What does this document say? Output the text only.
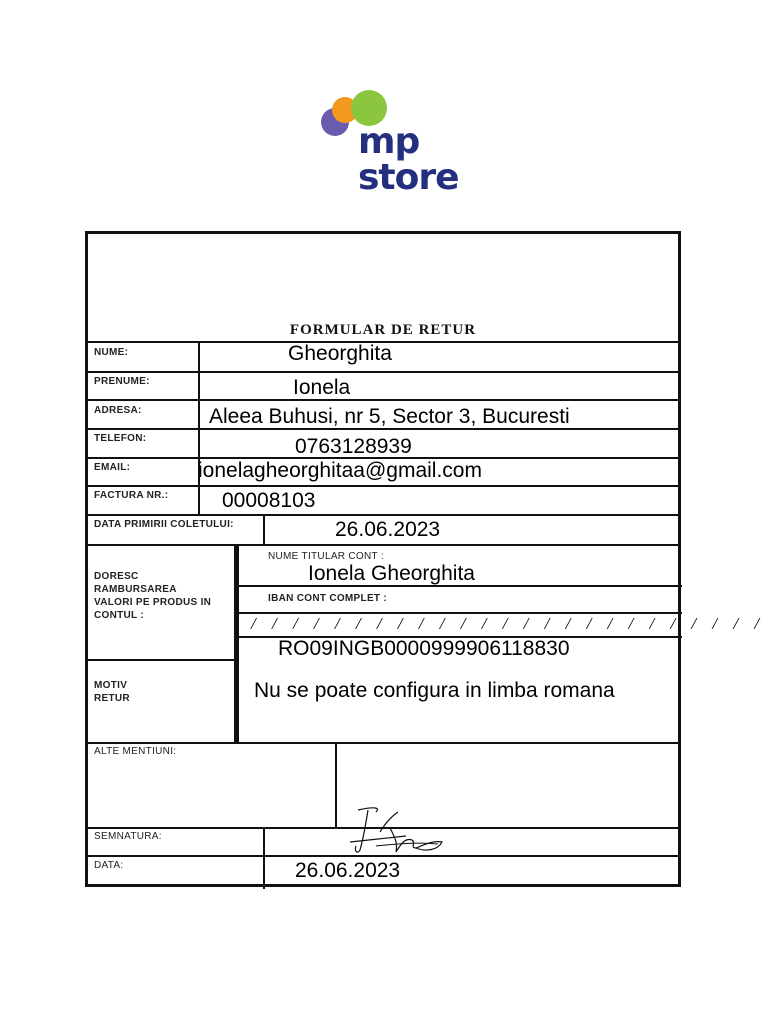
mp
store
FORMULAR DE RETUR
NUME:
PRENUME:
ADRESA:
TELEFON:
EMAIL:
FACTURA NR.:
DATA PRIMIRII COLETULUI:
DORESC RAMBURSAREA VALORI PE PRODUS IN CONTUL :
NUME TITULAR CONT :
IBAN CONT COMPLET :
MOTIV RETUR
ALTE MENTIUNI:
SEMNATURA:
DATA:
Gheorghita
Ionela
Aleea Buhusi, nr 5, Sector 3, Bucuresti
0763128939
ionelagheorghitaa@gmail.com
00008103
26.06.2023
Ionela Gheorghita
/ / / / / / / / / / / / / / / / / / / / / / / / /
RO09INGB0000999906118830
Nu se poate configura in limba romana
26.06.2023
